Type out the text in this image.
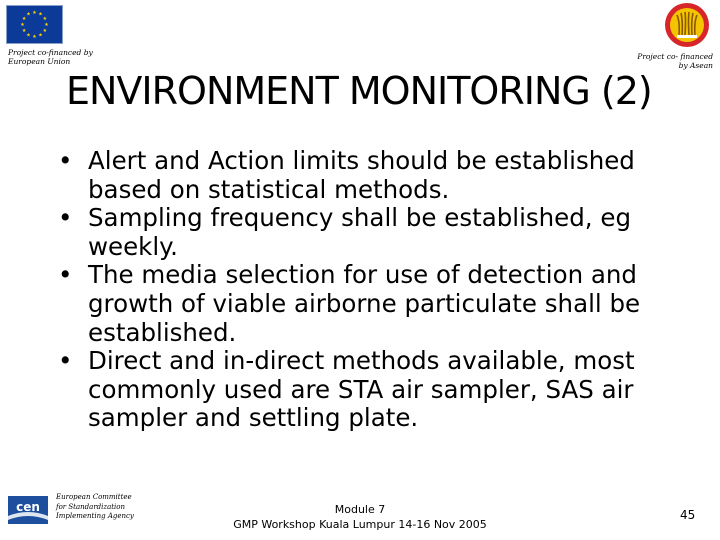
★ ★
★
★
★
★
★
★
★
★
★
★
Project co-financed by
European Union
Project co- financed
by Asean
ENVIRONMENT MONITORING (2)
• Alert and Action limits should be established
based on statistical methods.
• Sampling frequency shall be established, eg
weekly.
• The media selection for use of detection and
growth of viable airborne particulate shall be
established.
• Direct and in-direct methods available, most
commonly used are STA air sampler, SAS air
sampler and settling plate.
cen
European Committee
for Standardization
Implementing Agency	Module 7
GMP Workshop Kuala Lumpur 14-16 Nov 2005
45
